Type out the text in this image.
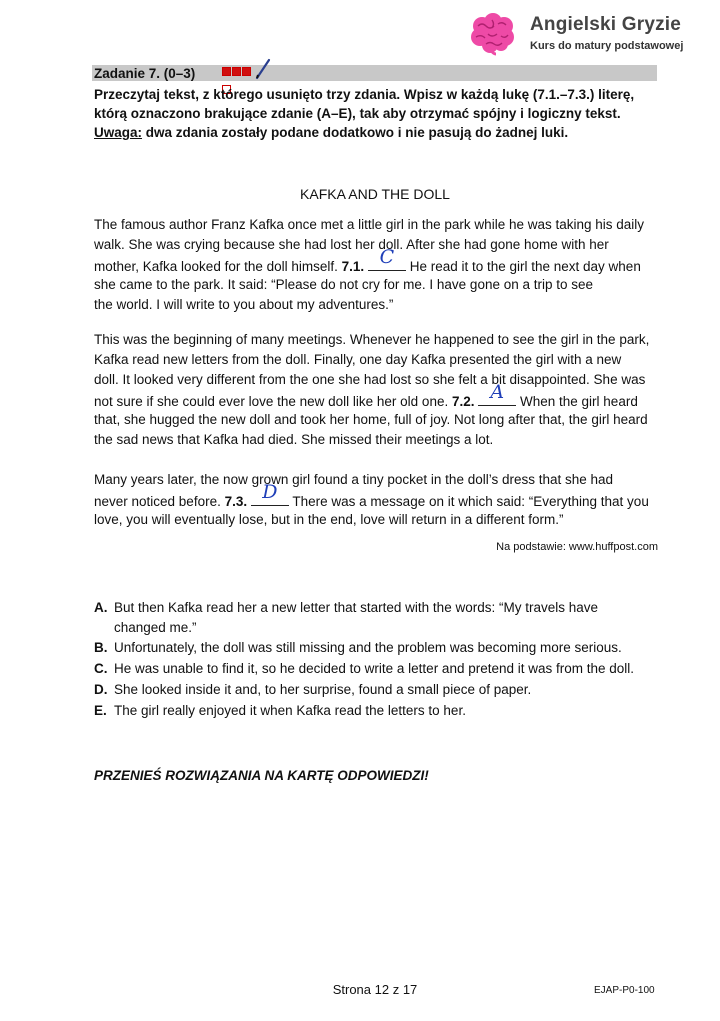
Angielski Gryzie
Kurs do matury podstawowej
Zadanie 7. (0–3)
Przeczytaj tekst, z którego usunięto trzy zdania. Wpisz w każdą lukę (7.1.–7.3.) literę,
którą oznaczono brakujące zdanie (A–E), tak aby otrzymać spójny i logiczny tekst.
Uwaga: dwa zdania zostały podane dodatkowo i nie pasują do żadnej luki.
KAFKA AND THE DOLL
The famous author Franz Kafka once met a little girl in the park while he was taking his daily
walk. She was crying because she had lost her doll. After she had gone home with her
mother, Kafka looked for the doll himself. 7.1. C He read it to the girl the next day when
she came to the park. It said: “Please do not cry for me. I have gone on a trip to see
the world. I will write to you about my adventures.”
This was the beginning of many meetings. Whenever he happened to see the girl in the park,
Kafka read new letters from the doll. Finally, one day Kafka presented the girl with a new
doll. It looked very different from the one she had lost so she felt a bit disappointed. She was
not sure if she could ever love the new doll like her old one. 7.2. A When the girl heard
that, she hugged the new doll and took her home, full of joy. Not long after that, the girl heard
the sad news that Kafka had died. She missed their meetings a lot.
Many years later, the now grown girl found a tiny pocket in the doll’s dress that she had
never noticed before. 7.3. D There was a message on it which said: “Everything that you
love, you will eventually lose, but in the end, love will return in a different form.”
Na podstawie: www.huffpost.com
A. But then Kafka read her a new letter that started with the words: “My travels have
changed me.”
B. Unfortunately, the doll was still missing and the problem was becoming more serious.
C. He was unable to find it, so he decided to write a letter and pretend it was from the doll.
D. She looked inside it and, to her surprise, found a small piece of paper.
E. The girl really enjoyed it when Kafka read the letters to her.
PRZENIEŚ ROZWIĄZANIA NA KARTĘ ODPOWIEDZI!
Strona 12 z 17	EJAP-P0-100
